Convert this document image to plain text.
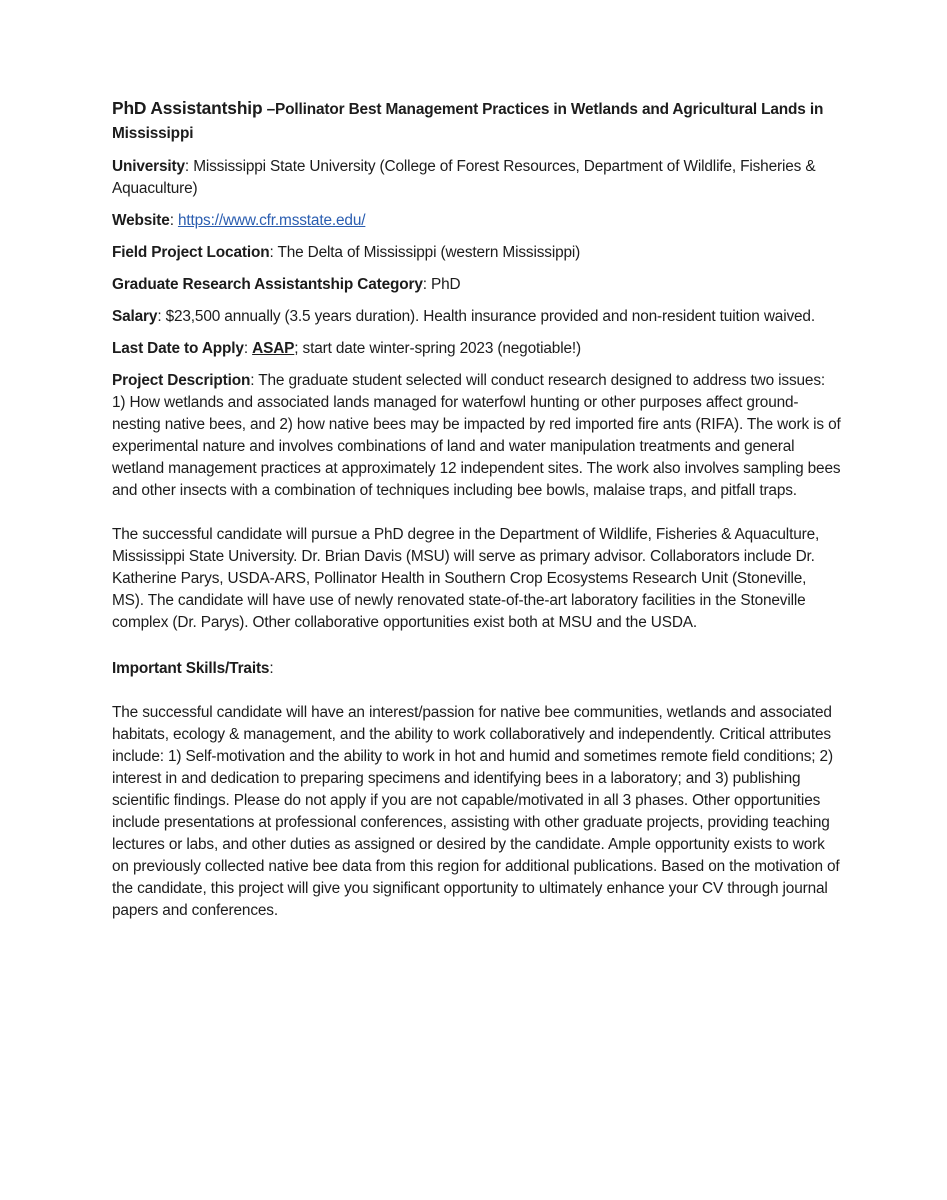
PhD Assistantship –Pollinator Best Management Practices in Wetlands and Agricultural Lands in Mississippi

University: Mississippi State University (College of Forest Resources, Department of Wildlife, Fisheries & Aquaculture)

Website: https://www.cfr.msstate.edu/

Field Project Location: The Delta of Mississippi (western Mississippi)

Graduate Research Assistantship Category: PhD

Salary: $23,500 annually (3.5 years duration). Health insurance provided and non-resident tuition waived.

Last Date to Apply: ASAP; start date winter-spring 2023 (negotiable!)

Project Description: The graduate student selected will conduct research designed to address two issues: 1) How wetlands and associated lands managed for waterfowl hunting or other purposes affect ground-nesting native bees, and 2) how native bees may be impacted by red imported fire ants (RIFA). The work is of experimental nature and involves combinations of land and water manipulation treatments and general wetland management practices at approximately 12 independent sites. The work also involves sampling bees and other insects with a combination of techniques including bee bowls, malaise traps, and pitfall traps.

The successful candidate will pursue a PhD degree in the Department of Wildlife, Fisheries & Aquaculture, Mississippi State University. Dr. Brian Davis (MSU) will serve as primary advisor. Collaborators include Dr. Katherine Parys, USDA-ARS, Pollinator Health in Southern Crop Ecosystems Research Unit (Stoneville, MS). The candidate will have use of newly renovated state-of-the-art laboratory facilities in the Stoneville complex (Dr. Parys). Other collaborative opportunities exist both at MSU and the USDA.

Important Skills/Traits:

The successful candidate will have an interest/passion for native bee communities, wetlands and associated habitats, ecology & management, and the ability to work collaboratively and independently. Critical attributes include: 1) Self-motivation and the ability to work in hot and humid and sometimes remote field conditions; 2) interest in and dedication to preparing specimens and identifying bees in a laboratory; and 3) publishing scientific findings. Please do not apply if you are not capable/motivated in all 3 phases. Other opportunities include presentations at professional conferences, assisting with other graduate projects, providing teaching lectures or labs, and other duties as assigned or desired by the candidate. Ample opportunity exists to work on previously collected native bee data from this region for additional publications. Based on the motivation of the candidate, this project will give you significant opportunity to ultimately enhance your CV through journal papers and conferences.
